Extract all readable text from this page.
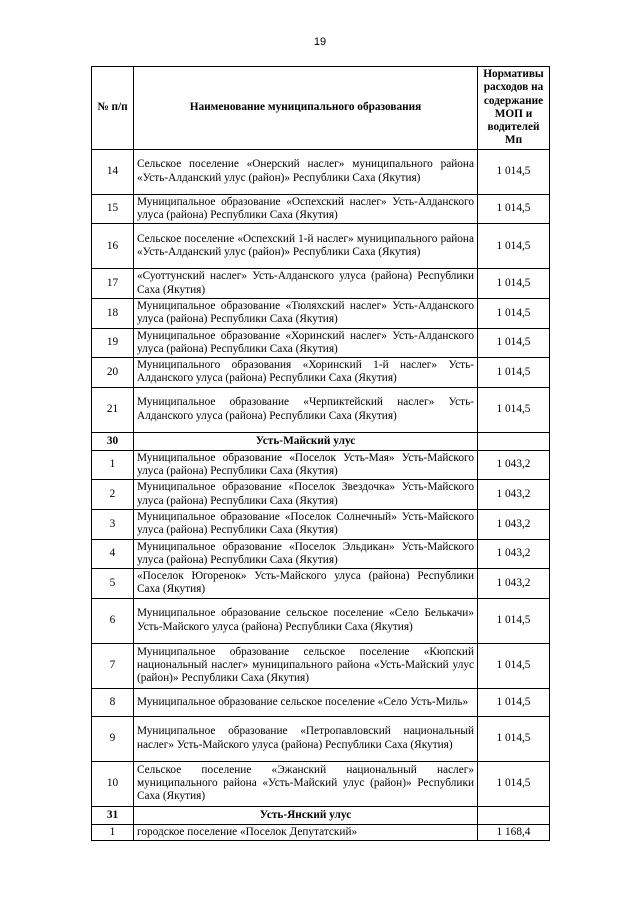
19
№ п/п	Наименование муниципального образования	Нормативы расходов на содержание МОП и водителей Мп
14	Сельское поселение «Онерский наслег» муниципального района «Усть-Алданский улус (район)» Республики Саха (Якутия)	1 014,5
15	Муниципальное образование «Оспехский наслег» Усть-Алданского улуса (района) Республики Саха (Якутия)	1 014,5
16	Сельское поселение «Оспехский 1-й наслег» муниципального района «Усть-Алданский улус (район)» Республики Саха (Якутия)	1 014,5
17	«Суоттунский наслег» Усть-Алданского улуса (района) Республики Саха (Якутия)	1 014,5
18	Муниципальное образование «Тюляхский наслег» Усть-Алданского улуса (района) Республики Саха (Якутия)	1 014,5
19	Муниципальное образование «Хоринский наслег» Усть-Алданского улуса (района) Республики Саха (Якутия)	1 014,5
20	Муниципального образования «Хоринский 1-й наслег» Усть-Алданского улуса (района) Республики Саха (Якутия)	1 014,5
21	Муниципальное образование «Черпиктейский наслег» Усть-Алданского улуса (района) Республики Саха (Якутия)	1 014,5
30	Усть-Майский улус	
1	Муниципальное образование «Поселок Усть-Мая» Усть-Майского улуса (района) Республики Саха (Якутия)	1 043,2
2	Муниципальное образование «Поселок Звездочка» Усть-Майского улуса (района) Республики Саха (Якутия)	1 043,2
3	Муниципальное образование «Поселок Солнечный» Усть-Майского улуса (района) Республики Саха (Якутия)	1 043,2
4	Муниципальное образование «Поселок Эльдикан» Усть-Майского улуса (района) Республики Саха (Якутия)	1 043,2
5	«Поселок Югоренок» Усть-Майского улуса (района) Республики Саха (Якутия)	1 043,2
6	Муниципальное образование сельское поселение «Село Белькачи» Усть-Майского улуса (района) Республики Саха (Якутия)	1 014,5
7	Муниципальное образование сельское поселение «Кюпский национальный наслег» муниципального района «Усть-Майский улус (район)» Республики Саха (Якутия)	1 014,5
8	Муниципальное образование сельское поселение «Село Усть-Миль»	1 014,5
9	Муниципальное образование «Петропавловский национальный наслег» Усть-Майского улуса (района) Республики Саха (Якутия)	1 014,5
10	Сельское поселение «Эжанский национальный наслег» муниципального района «Усть-Майский улус (район)» Республики Саха (Якутия)	1 014,5
31	Усть-Янский улус	
1	городское поселение «Поселок Депутатский»	1 168,4
